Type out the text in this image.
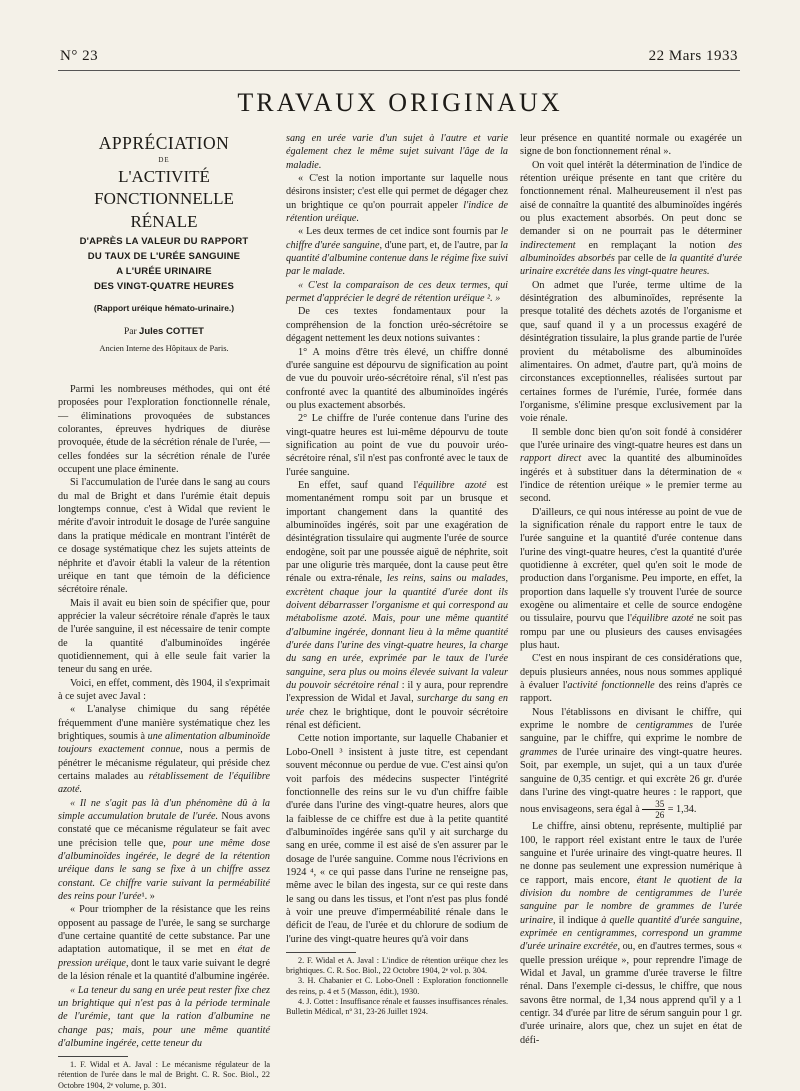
N° 23	22 Mars 1933
TRAVAUX ORIGINAUX

APPRÉCIATION

DE

L'ACTIVITÉ FONCTIONNELLE

RÉNALE

D'APRÈS LA VALEUR DU RAPPORT
DU TAUX DE L'URÉE SANGUINE
A L'URÉE URINAIRE
DES VINGT-QUATRE HEURES
(Rapport uréique hémato-urinaire.)
Par Jules COTTET
Ancien Interne des Hôpitaux de Paris.

Parmi les nombreuses méthodes, qui ont été proposées pour l'exploration fonctionnelle rénale, — éliminations provoquées de substances colorantes, épreuves hydriques de diurèse provoquée, étude de la sécrétion rénale de l'urée, — celles fondées sur la sécrétion rénale de l'urée occupent une place éminente.

Si l'accumulation de l'urée dans le sang au cours du mal de Bright et dans l'urémie était depuis longtemps connue, c'est à Widal que revient le mérite d'avoir introduit le dosage de l'urée sanguine dans la pratique médicale en montrant l'intérêt de ce dosage systématique chez les sujets atteints de néphrite et d'avoir établi la valeur de la rétention uréique en tant que témoin de la déficience sécrétoire rénale.

Mais il avait eu bien soin de spécifier que, pour apprécier la valeur sécrétoire rénale d'après le taux de l'urée sanguine, il est nécessaire de tenir compte de la quantité d'albuminoïdes ingérée quotidiennement, qui à elle seule fait varier la teneur du sang en urée.

Voici, en effet, comment, dès 1904, il s'exprimait à ce sujet avec Javal :

« L'analyse chimique du sang répétée fréquemment d'une manière systématique chez les brightiques, soumis à une alimentation albuminoïde toujours exactement connue, nous a permis de pénétrer le mécanisme régulateur, qui préside chez certains malades au rétablissement de l'équilibre azoté.

« Il ne s'agit pas là d'un phénomène dû à la simple accumulation brutale de l'urée. Nous avons constaté que ce mécanisme régulateur se fait avec une précision telle que, pour une même dose d'albuminoïdes ingérée, le degré de la rétention uréique dans le sang se fixe à un chiffre assez constant. Ce chiffre varie suivant la perméabilité des reins pour l'urée¹. »

« Pour triompher de la résistance que les reins opposent au passage de l'urée, le sang se surcharge d'une certaine quantité de cette substance. Par une adaptation automatique, il se met en état de pression uréique, dont le taux varie suivant le degré de la lésion rénale et la quantité d'albumine ingérée.

« La teneur du sang en urée peut rester fixe chez un brightique qui n'est pas à la période terminale de l'urémie, tant que la ration d'albumine ne change pas; mais, pour une même quantité d'albumine ingérée, cette teneur du

1. F. Widal et A. Javal : Le mécanisme régulateur de la rétention de l'urée dans le mal de Bright. C. R. Soc. Biol., 22 Octobre 1904, 2ᵉ volume, p. 301.

sang en urée varie d'un sujet à l'autre et varie également chez le même sujet suivant l'âge de la maladie.

« C'est la notion importante sur laquelle nous désirons insister; c'est elle qui permet de dégager chez un brightique ce qu'on pourrait appeler l'indice de rétention uréique.

« Les deux termes de cet indice sont fournis par le chiffre d'urée sanguine, d'une part, et, de l'autre, par la quantité d'albumine contenue dans le régime fixe suivi par le malade.

« C'est la comparaison de ces deux termes, qui permet d'apprécier le degré de rétention uréique ². »

De ces textes fondamentaux pour la compréhension de la fonction uréo-sécrétoire se dégagent nettement les deux notions suivantes :

1° A moins d'être très élevé, un chiffre donné d'urée sanguine est dépourvu de signification au point de vue du pouvoir uréo-sécrétoire rénal, s'il n'est pas confronté avec la quantité des albuminoïdes ingérés ou plus exactement absorbés.

2° Le chiffre de l'urée contenue dans l'urine des vingt-quatre heures est lui-même dépourvu de toute signification au point de vue du pouvoir uréo-sécrétoire rénal, s'il n'est pas confronté avec le taux de l'urée sanguine.

En effet, sauf quand l'équilibre azoté est momentanément rompu soit par un brusque et important changement dans la quantité des albuminoïdes ingérés, soit par une exagération de désintégration tissulaire qui augmente l'urée de source endogène, soit par une poussée aiguë de néphrite, soit par une oligurie très marquée, dont la cause peut être rénale ou extra-rénale, les reins, sains ou malades, excrètent chaque jour la quantité d'urée dont ils doivent débarrasser l'organisme et qui correspond au métabolisme azoté. Mais, pour une même quantité d'albumine ingérée, donnant lieu à la même quantité d'urée dans l'urine des vingt-quatre heures, la charge du sang en urée, exprimée par le taux de l'urée sanguine, sera plus ou moins élevée suivant la valeur du pouvoir sécrétoire rénal : il y aura, pour reprendre l'expression de Widal et Javal, surcharge du sang en urée chez le brightique, dont le pouvoir sécrétoire rénal est déficient.

Cette notion importante, sur laquelle Chabanier et Lobo-Onell ³ insistent à juste titre, est cependant souvent méconnue ou perdue de vue. C'est ainsi qu'on voit parfois des médecins suspecter l'intégrité fonctionnelle des reins sur le vu d'un chiffre faible d'urée dans l'urine des vingt-quatre heures, alors que la faiblesse de ce chiffre est due à la petite quantité d'albuminoïdes ingérée sans qu'il y ait surcharge du sang en urée, comme il est aisé de s'en assurer par le dosage de l'urée sanguine. Comme nous l'écrivions en 1924 ⁴, « ce qui passe dans l'urine ne renseigne pas, même avec le bilan des ingesta, sur ce qui reste dans le sang ou dans les tissus, et l'ont n'est pas plus fondé à voir une preuve d'imperméabilité rénale dans le déficit de l'eau, de l'urée et du chlorure de sodium de l'urine des vingt-quatre heures qu'à voir dans

2. F. Widal et A. Javal : L'indice de rétention uréique chez les brightiques. C. R. Soc. Biol., 22 Octobre 1904, 2ᵉ vol. p. 304.

3. H. Chabanier et C. Lobo-Onell : Exploration fonctionnelle des reins, p. 4 et 5 (Masson, édit.), 1930.

4. J. Cottet : Insuffisance rénale et fausses insuffisances rénales. Bulletin Médical, nº 31, 23-26 Juillet 1924.

leur présence en quantité normale ou exagérée un signe de bon fonctionnement rénal ».

On voit quel intérêt la détermination de l'indice de rétention uréique présente en tant que critère du fonctionnement rénal. Malheureusement il n'est pas aisé de connaître la quantité des albuminoïdes ingérés ou plus exactement absorbés. On peut donc se demander si on ne pourrait pas le déterminer indirectement en remplaçant la notion des albuminoïdes absorbés par celle de la quantité d'urée urinaire excrétée dans les vingt-quatre heures.

On admet que l'urée, terme ultime de la désintégration des albuminoïdes, représente la presque totalité des déchets azotés de l'organisme et que, sauf quand il y a un processus exagéré de désintégration tissulaire, la plus grande partie de l'urée provient du métabolisme des albuminoïdes alimentaires. On admet, d'autre part, qu'à moins de circonstances exceptionnelles, réalisées surtout par certaines formes de l'urémie, l'urée, formée dans l'organisme, s'élimine presque exclusivement par la voie rénale.

Il semble donc bien qu'on soit fondé à considérer que l'urée urinaire des vingt-quatre heures est dans un rapport direct avec la quantité des albuminoïdes ingérés et à substituer dans la détermination de « l'indice de rétention uréique » le premier terme au second.

D'ailleurs, ce qui nous intéresse au point de vue de la signification rénale du rapport entre le taux de l'urée sanguine et la quantité d'urée contenue dans l'urine des vingt-quatre heures, c'est la quantité d'urée quotidienne à excréter, quel qu'en soit le mode de production dans l'organisme. Peu importe, en effet, la proportion dans laquelle s'y trouvent l'urée de source exogène ou alimentaire et celle de source endogène ou tissulaire, pourvu que l'équilibre azoté ne soit pas rompu par une ou plusieurs des causes envisagées plus haut.

C'est en nous inspirant de ces considérations que, depuis plusieurs années, nous nous sommes appliqué à évaluer l'activité fonctionnelle des reins d'après ce rapport.

Nous l'établissons en divisant le chiffre, qui exprime le nombre de centigrammes de l'urée sanguine, par le chiffre, qui exprime le nombre de grammes de l'urée urinaire des vingt-quatre heures. Soit, par exemple, un sujet, qui a un taux d'urée sanguine de 0,35 centigr. et qui excrète 26 gr. d'urée dans l'urine des vingt-quatre heures : le rapport, que nous envisageons, sera égal à $\frac{35}{26} = 1,34$.

Le chiffre, ainsi obtenu, représente, multiplié par 100, le rapport réel existant entre le taux de l'urée sanguine et l'urée urinaire des vingt-quatre heures. Il ne donne pas seulement une expression numérique à ce rapport, mais encore, étant le quotient de la division du nombre de centigrammes de l'urée sanguine par le nombre de grammes de l'urée urinaire, il indique à quelle quantité d'urée sanguine, exprimée en centigrammes, correspond un gramme d'urée urinaire excrétée, ou, en d'autres termes, sous « quelle pression uréique », pour reprendre l'image de Widal et Javal, un gramme d'urée traverse le filtre rénal. Dans l'exemple ci-dessus, le chiffre, que nous savons être normal, de 1,34 nous apprend qu'il y a 1 centigr. 34 d'urée par litre de sérum sanguin pour 1 gr. d'urée urinaire, alors que, chez un sujet en état de défi-
